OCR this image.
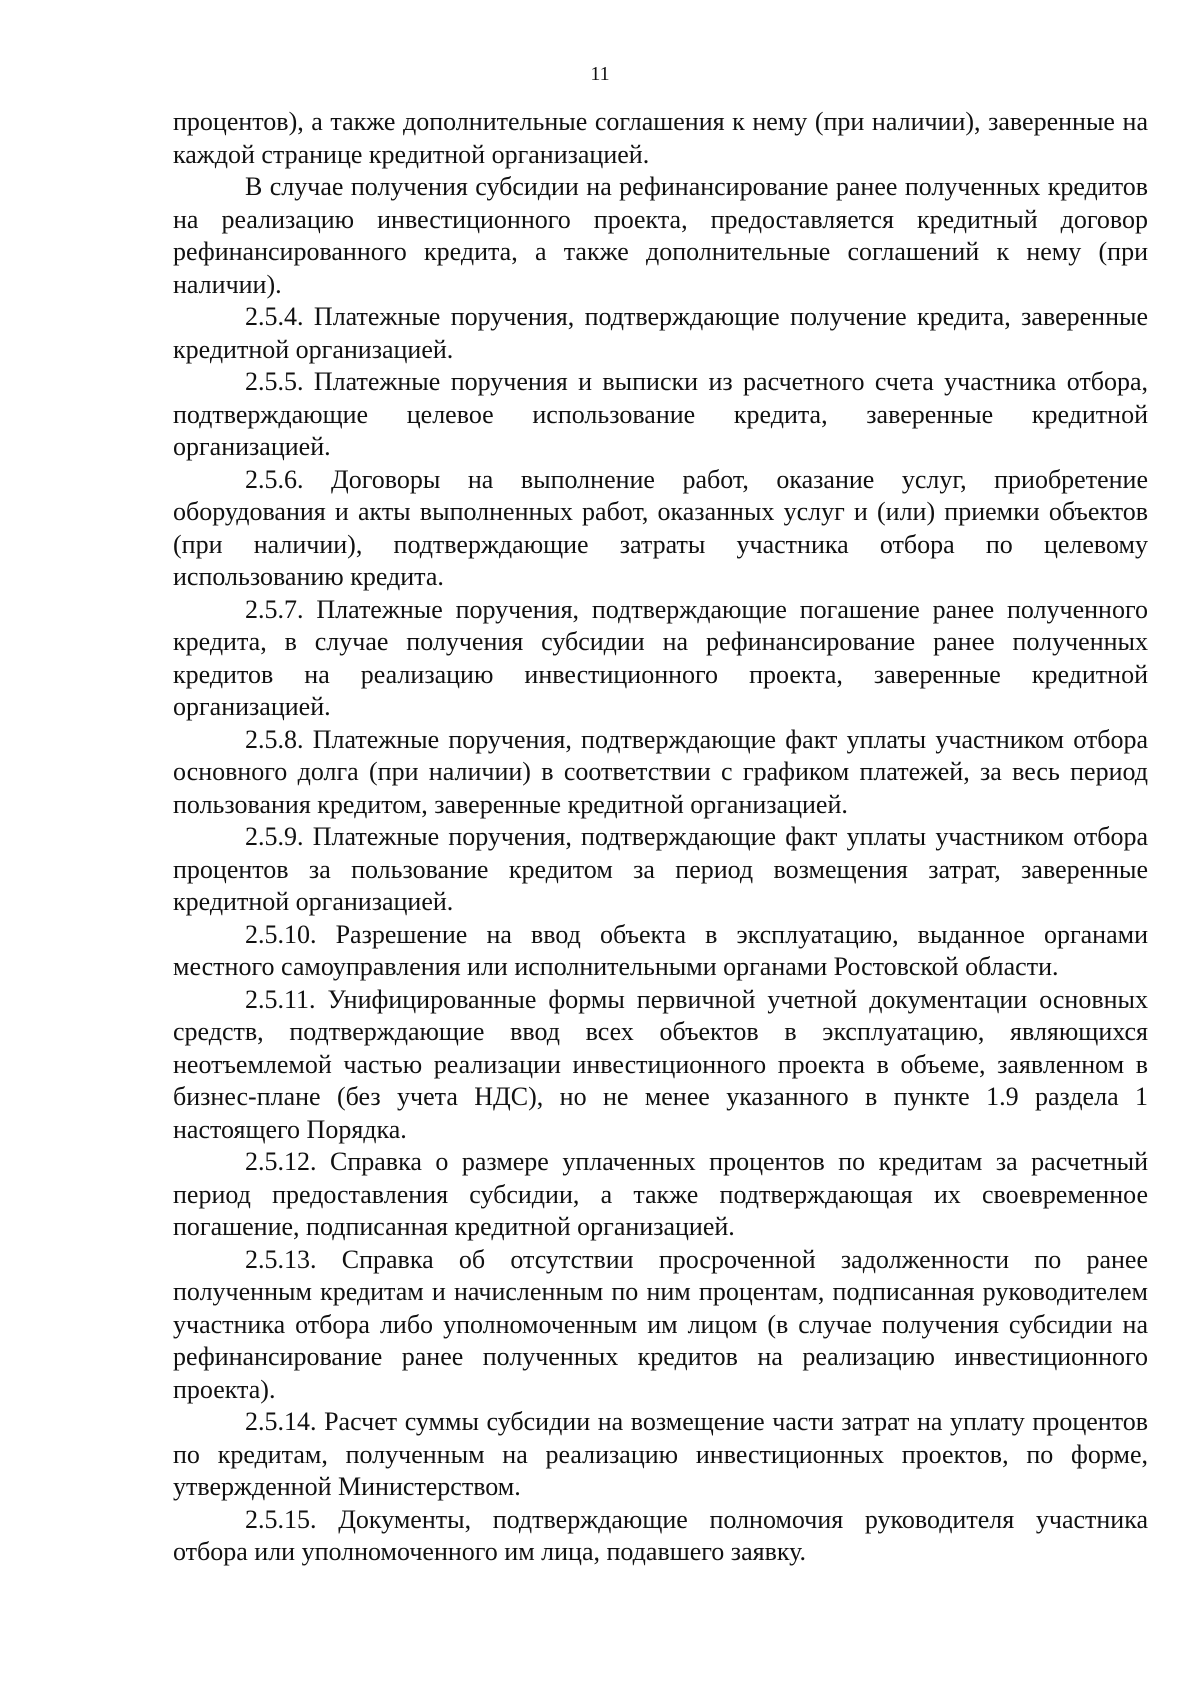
11

процентов), а также дополнительные соглашения к нему (при наличии), заверенные на каждой странице кредитной организацией.

В случае получения субсидии на рефинансирование ранее полученных кредитов на реализацию инвестиционного проекта, предоставляется кредитный договор рефинансированного кредита, а также дополнительные соглашений к нему (при наличии).

2.5.4. Платежные поручения, подтверждающие получение кредита, заверенные кредитной организацией.

2.5.5. Платежные поручения и выписки из расчетного счета участника отбора, подтверждающие целевое использование кредита, заверенные кредитной организацией.

2.5.6. Договоры на выполнение работ, оказание услуг, приобретение оборудования и акты выполненных работ, оказанных услуг и (или) приемки объектов (при наличии), подтверждающие затраты участника отбора по целевому использованию кредита.

2.5.7. Платежные поручения, подтверждающие погашение ранее полученного кредита, в случае получения субсидии на рефинансирование ранее полученных кредитов на реализацию инвестиционного проекта, заверенные кредитной организацией.

2.5.8. Платежные поручения, подтверждающие факт уплаты участником отбора основного долга (при наличии) в соответствии с графиком платежей, за весь период пользования кредитом, заверенные кредитной организацией.

2.5.9. Платежные поручения, подтверждающие факт уплаты участником отбора процентов за пользование кредитом за период возмещения затрат, заверенные кредитной организацией.

2.5.10. Разрешение на ввод объекта в эксплуатацию, выданное органами местного самоуправления или исполнительными органами Ростовской области.

2.5.11. Унифицированные формы первичной учетной документации основных средств, подтверждающие ввод всех объектов в эксплуатацию, являющихся неотъемлемой частью реализации инвестиционного проекта в объеме, заявленном в бизнес-плане (без учета НДС), но не менее указанного в пункте 1.9 раздела 1 настоящего Порядка.

2.5.12. Справка о размере уплаченных процентов по кредитам за расчетный период предоставления субсидии, а также подтверждающая их своевременное погашение, подписанная кредитной организацией.

2.5.13. Справка об отсутствии просроченной задолженности по ранее полученным кредитам и начисленным по ним процентам, подписанная руководителем участника отбора либо уполномоченным им лицом (в случае получения субсидии на рефинансирование ранее полученных кредитов на реализацию инвестиционного проекта).

2.5.14. Расчет суммы субсидии на возмещение части затрат на уплату процентов по кредитам, полученным на реализацию инвестиционных проектов, по форме, утвержденной Министерством.

2.5.15. Документы, подтверждающие полномочия руководителя участника отбора или уполномоченного им лица, подавшего заявку.
